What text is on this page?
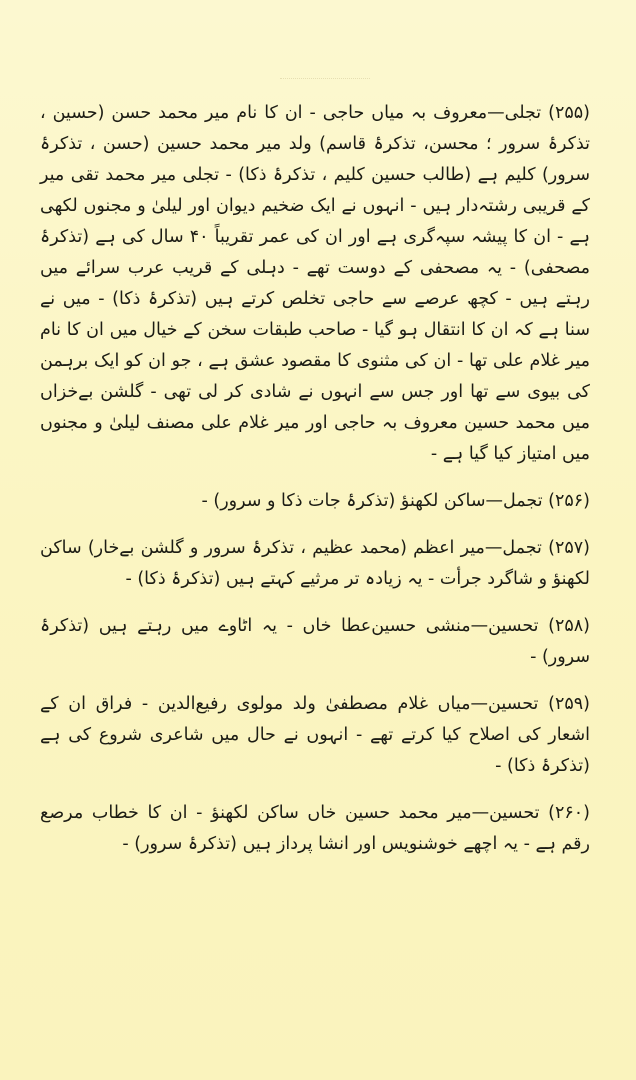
(۲۵۵) تجلی—معروف بہ میاں حاجی - ان کا نام میر محمد حسن (حسین ، تذکرۂ سرور ؛ محسن، تذکرۂ قاسم) ولد میر محمد حسین (حسن ، تذکرۂ سرور) کلیم ہے (طالب حسین کلیم ، تذکرۂ ذکا) - تجلی میر محمد تقی میر کے قریبی رشتہ‌دار ہیں - انہوں نے ایک ضخیم دیوان اور لیلیٰ و مجنوں لکھی ہے - ان کا پیشہ سپہ‌گری ہے اور ان کی عمر تقریباً ۴۰ سال کی ہے (تذکرۂ مصحفی) - یہ مصحفی کے دوست تھے - دہلی کے قریب عرب سرائے میں رہتے ہیں - کچھ عرصے سے حاجی تخلص کرتے ہیں (تذکرۂ ذکا) - میں نے سنا ہے کہ ان کا انتقال ہو گیا - صاحب طبقات سخن کے خیال میں ان کا نام میر غلام علی تھا - ان کی مثنوی کا مقصود عشق ہے ، جو ان کو ایک برہمن کی بیوی سے تھا اور جس سے انہوں نے شادی کر لی تھی - گلشن بےخزاں میں محمد حسین معروف بہ حاجی اور میر غلام علی مصنف لیلیٰ و مجنوں میں امتیاز کیا گیا ہے -

(۲۵۶) تجمل—ساکن لکھنؤ (تذکرۂ جات ذکا و سرور) -

(۲۵۷) تجمل—میر اعظم (محمد عظیم ، تذکرۂ سرور و گلشن بےخار) ساکن لکھنؤ و شاگرد جرأت - یہ زیادہ تر مرثیے کہتے ہیں (تذکرۂ ذکا) -

(۲۵۸) تحسین—منشی حسین‌عطا خاں - یہ اٹاوے میں رہتے ہیں (تذکرۂ سرور) -

(۲۵۹) تحسین—میاں غلام مصطفیٰ ولد مولوی رفیع‌الدین - فراق ان کے اشعار کی اصلاح کیا کرتے تھے - انہوں نے حال میں شاعری شروع کی ہے (تذکرۂ ذکا) -

(۲۶۰) تحسین—میر محمد حسین خاں ساکن لکھنؤ - ان کا خطاب مرصع رقم ہے - یہ اچھے خوشنویس اور انشا پرداز ہیں (تذکرۂ سرور) -
